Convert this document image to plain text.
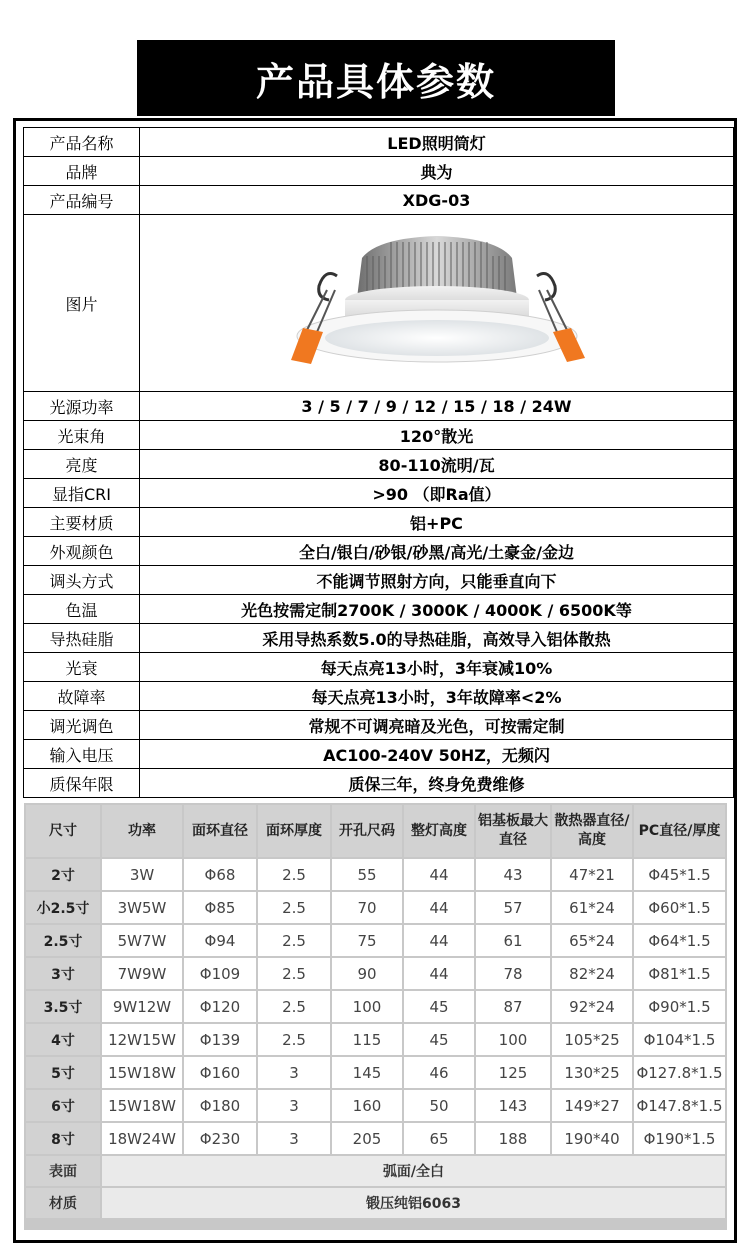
产品具体参数
产品名称	LED照明筒灯
品牌	典为
产品编号	XDG-03
图片	

光源功率	3 / 5 / 7 / 9 / 12 / 15 / 18 / 24W
光束角	120°散光
亮度	80-110流明/瓦
显指CRI	>90 （即Ra值）
主要材质	铝+PC
外观颜色	全白/银白/砂银/砂黑/高光/土豪金/金边
调头方式	不能调节照射方向，只能垂直向下
色温	光色按需定制2700K / 3000K / 4000K / 6500K等
导热硅脂	采用导热系数5.0的导热硅脂，高效导入铝体散热
光衰	每天点亮13小时，3年衰减10%
故障率	每天点亮13小时，3年故障率<2%
调光调色	常规不可调亮暗及光色，可按需定制
输入电压	AC100-240V 50HZ，无频闪
质保年限	质保三年，终身免费维修
尺寸	功率	面环直径	面环厚度	开孔尺码	整灯高度	铝基板最大直径	散热器直径/高度	PC直径/厚度
2寸	3W	Φ68	2.5	55	44	43	47*21	Φ45*1.5
小2.5寸	3W5W	Φ85	2.5	70	44	57	61*24	Φ60*1.5
2.5寸	5W7W	Φ94	2.5	75	44	61	65*24	Φ64*1.5
3寸	7W9W	Φ109	2.5	90	44	78	82*24	Φ81*1.5
3.5寸	9W12W	Φ120	2.5	100	45	87	92*24	Φ90*1.5
4寸	12W15W	Φ139	2.5	115	45	100	105*25	Φ104*1.5
5寸	15W18W	Φ160	3	145	46	125	130*25	Φ127.8*1.5
6寸	15W18W	Φ180	3	160	50	143	149*27	Φ147.8*1.5
8寸	18W24W	Φ230	3	205	65	188	190*40	Φ190*1.5
表面	弧面/全白							
材质	锻压纯铝6063							
